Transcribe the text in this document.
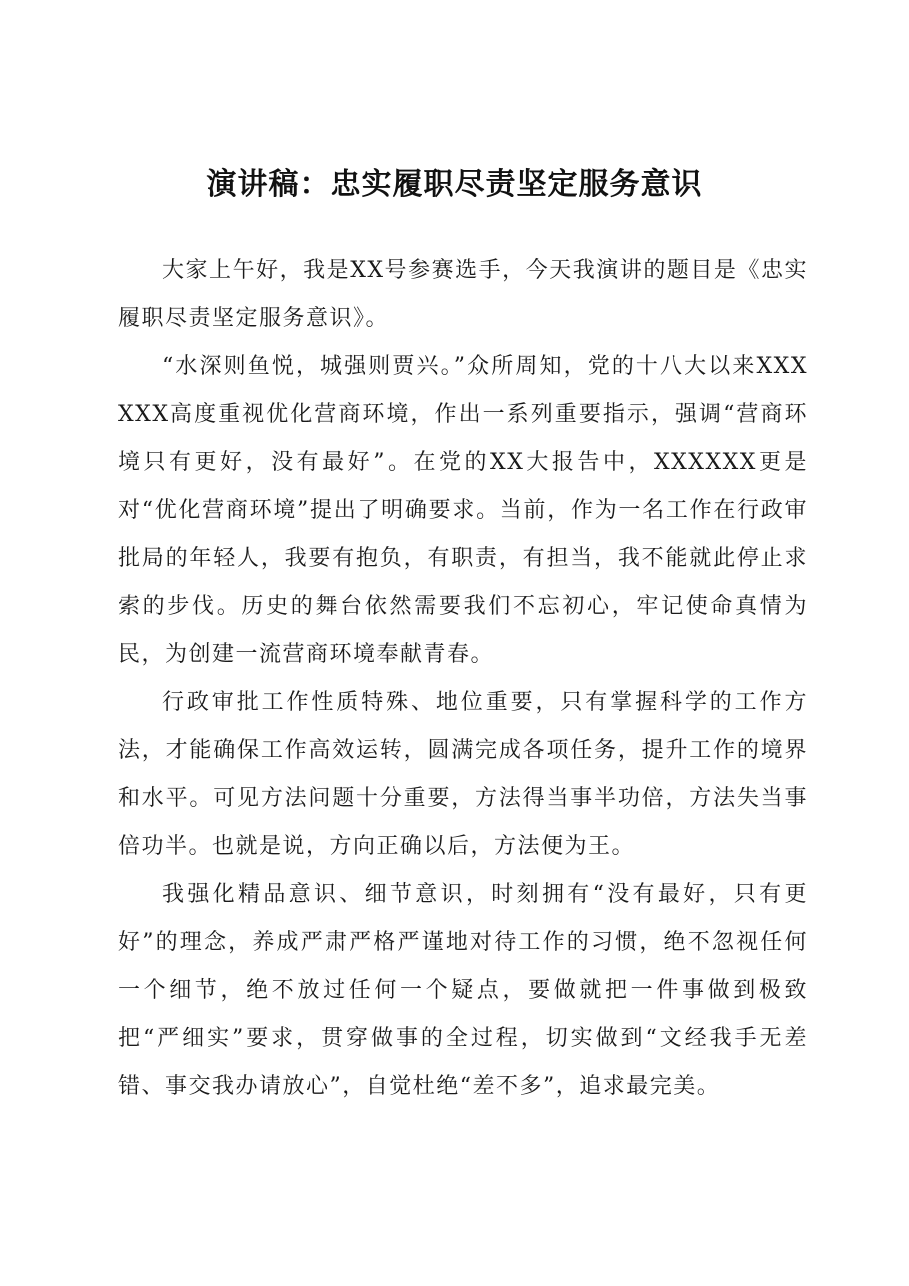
演讲稿：忠实履职尽责坚定服务意识

大家上午好，我是XX号参赛选手，今天我演讲的题目是《忠实履职尽责坚定服务意识》。

“水深则鱼悦，城强则贾兴。”众所周知，党的十八大以来XXXXXX高度重视优化营商环境，作出一系列重要指示，强调“营商环境只有更好，没有最好”。在党的XX大报告中，XXXXXX更是对“优化营商环境”提出了明确要求。当前，作为一名工作在行政审批局的年轻人，我要有抱负，有职责，有担当，我不能就此停止求索的步伐。历史的舞台依然需要我们不忘初心，牢记使命真情为民，为创建一流营商环境奉献青春。

行政审批工作性质特殊、地位重要，只有掌握科学的工作方法，才能确保工作高效运转，圆满完成各项任务，提升工作的境界和水平。可见方法问题十分重要，方法得当事半功倍，方法失当事倍功半。也就是说，方向正确以后，方法便为王。

我强化精品意识、细节意识，时刻拥有“没有最好，只有更好”的理念，养成严肃严格严谨地对待工作的习惯，绝不忽视任何一个细节，绝不放过任何一个疑点，要做就把一件事做到极致把“严细实”要求，贯穿做事的全过程，切实做到“文经我手无差错、事交我办请放心”，自觉杜绝“差不多”，追求最完美。
